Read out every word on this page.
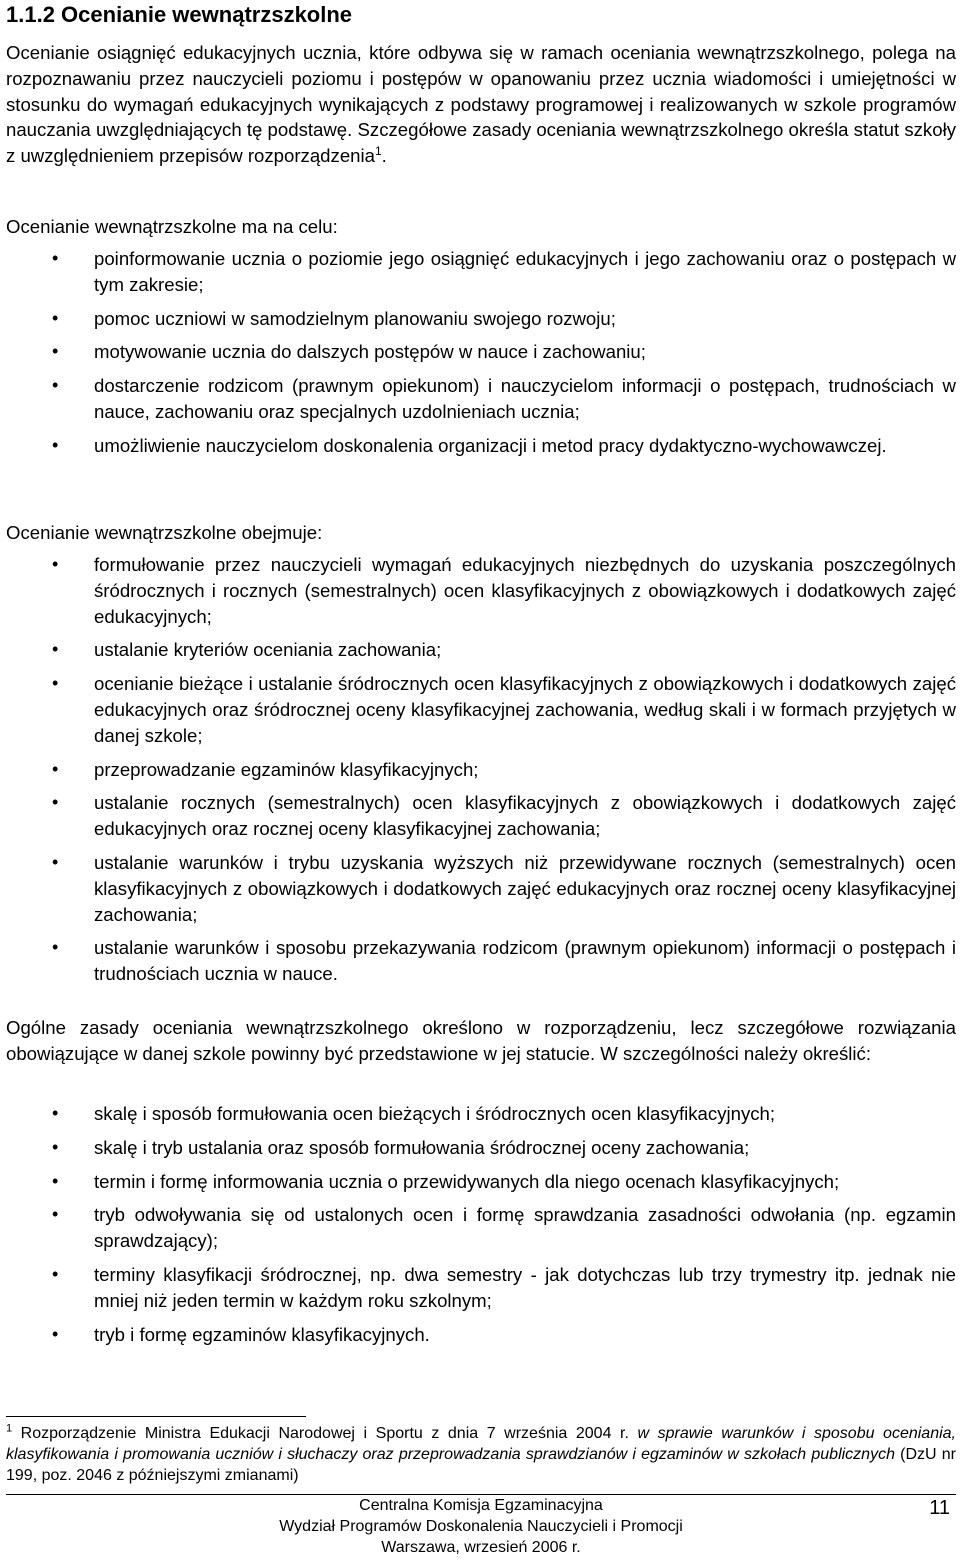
1.1.2 Ocenianie wewnątrzszkolne

Ocenianie osiągnięć edukacyjnych ucznia, które odbywa się w ramach oceniania wewnątrzszkolnego, polega na rozpoznawaniu przez nauczycieli poziomu i postępów w opanowaniu przez ucznia wiadomości i umiejętności w stosunku do wymagań edukacyjnych wynikających z podstawy programowej i realizowanych w szkole programów nauczania uwzględniających tę podstawę. Szczegółowe zasady oceniania wewnątrzszkolnego określa statut szkoły z uwzględnieniem przepisów rozporządzenia$^1$.

Ocenianie wewnątrzszkolne ma na celu:

• poinformowanie ucznia o poziomie jego osiągnięć edukacyjnych i jego zachowaniu oraz o postępach w tym zakresie;
• pomoc uczniowi w samodzielnym planowaniu swojego rozwoju;
• motywowanie ucznia do dalszych postępów w nauce i zachowaniu;
• dostarczenie rodzicom (prawnym opiekunom) i nauczycielom informacji o postępach, trudnościach w nauce, zachowaniu oraz specjalnych uzdolnieniach ucznia;
• umożliwienie nauczycielom doskonalenia organizacji i metod pracy dydaktyczno-wychowawczej.

Ocenianie wewnątrzszkolne obejmuje:

• formułowanie przez nauczycieli wymagań edukacyjnych niezbędnych do uzyskania poszczególnych śródrocznych i rocznych (semestralnych) ocen klasyfikacyjnych z obowiązkowych i dodatkowych zajęć edukacyjnych;
• ustalanie kryteriów oceniania zachowania;
• ocenianie bieżące i ustalanie śródrocznych ocen klasyfikacyjnych z obowiązkowych i dodatkowych zajęć edukacyjnych oraz śródrocznej oceny klasyfikacyjnej zachowania, według skali i w formach przyjętych w danej szkole;
• przeprowadzanie egzaminów klasyfikacyjnych;
• ustalanie rocznych (semestralnych) ocen klasyfikacyjnych z obowiązkowych i dodatkowych zajęć edukacyjnych oraz rocznej oceny klasyfikacyjnej zachowania;
• ustalanie warunków i trybu uzyskania wyższych niż przewidywane rocznych (semestralnych) ocen klasyfikacyjnych z obowiązkowych i dodatkowych zajęć edukacyjnych oraz rocznej oceny klasyfikacyjnej zachowania;
• ustalanie warunków i sposobu przekazywania rodzicom (prawnym opiekunom) informacji o postępach i trudnościach ucznia w nauce.

Ogólne zasady oceniania wewnątrzszkolnego określono w rozporządzeniu, lecz szczegółowe rozwiązania obowiązujące w danej szkole powinny być przedstawione w jej statucie. W szczególności należy określić:

• skalę i sposób formułowania ocen bieżących i śródrocznych ocen klasyfikacyjnych;
• skalę i tryb ustalania oraz sposób formułowania śródrocznej oceny zachowania;
• termin i formę informowania ucznia o przewidywanych dla niego ocenach klasyfikacyjnych;
• tryb odwoływania się od ustalonych ocen i formę sprawdzania zasadności odwołania (np. egzamin sprawdzający);
• terminy klasyfikacji śródrocznej, np. dwa semestry - jak dotychczas lub trzy trymestry itp. jednak nie mniej niż jeden termin w każdym roku szkolnym;
• tryb i formę egzaminów klasyfikacyjnych.
$^1$ Rozporządzenie Ministra Edukacji Narodowej i Sportu z dnia 7 września 2004 r. w sprawie warunków i sposobu oceniania, klasyfikowania i promowania uczniów i słuchaczy oraz przeprowadzania sprawdzianów i egzaminów w szkołach publicznych (DzU nr 199, poz. 2046 z późniejszymi zmianami)
Centralna Komisja Egzaminacyjna
Wydział Programów Doskonalenia Nauczycieli i Promocji
Warszawa, wrzesień 2006 r.
11
